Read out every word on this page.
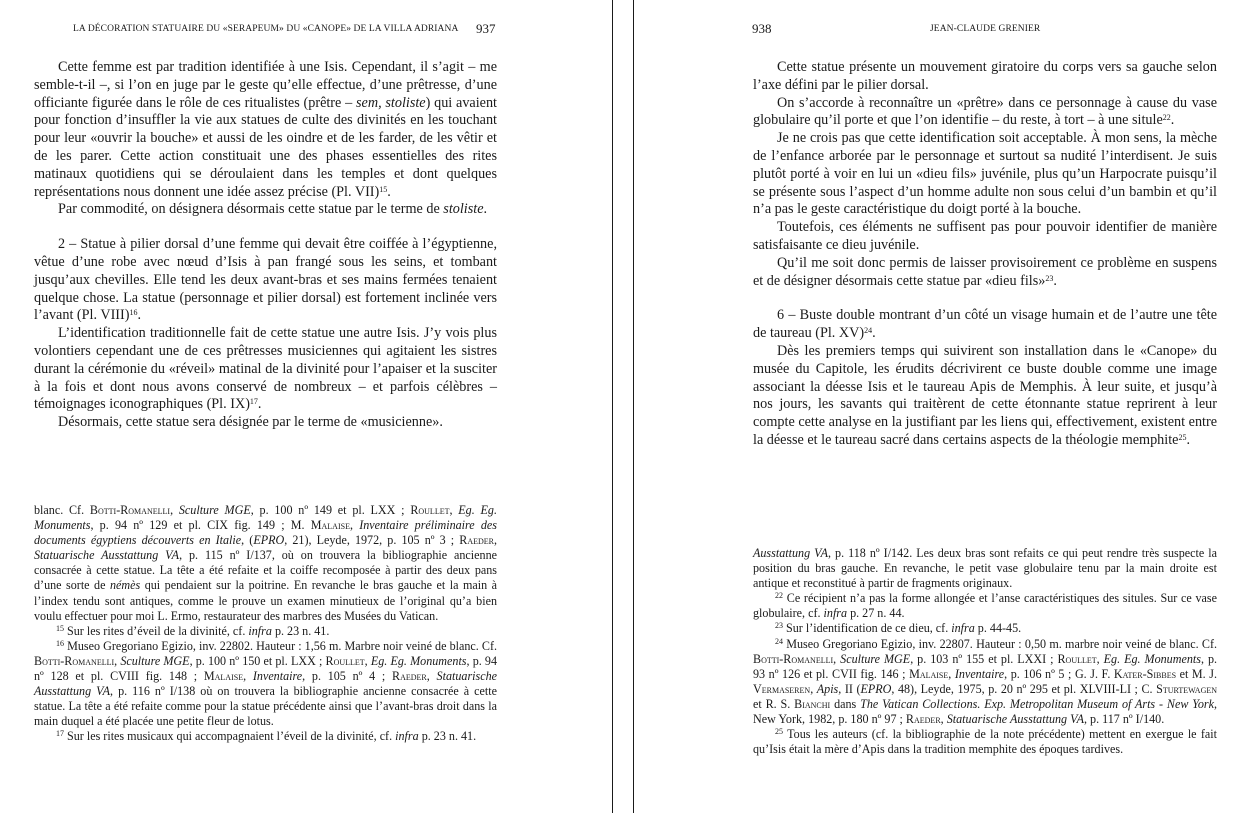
LA DÉCORATION STATUAIRE DU «SERAPEUM» DU «CANOPE» DE LA VILLA ADRIANA 937

Cette femme est par tradition identifiée à une Isis. Cependant, il s’agit – me semble-t-il –, si l’on en juge par le geste qu’elle effectue, d’une prêtresse, d’une officiante figurée dans le rôle de ces ritualistes (prêtre – sem, stoliste) qui avaient pour fonction d’insuffler la vie aux statues de culte des divinités en les touchant pour leur «ouvrir la bouche» et aussi de les oindre et de les farder, de les vêtir et de les parer. Cette action constituait une des phases essentielles des rites matinaux quotidiens qui se déroulaient dans les temples et dont quelques représentations nous donnent une idée assez précise (Pl. VII)$^{15}$.

Par commodité, on désignera désormais cette statue par le terme de stoliste.

2 – Statue à pilier dorsal d’une femme qui devait être coiffée à l’égyptienne, vêtue d’une robe avec nœud d’Isis à pan frangé sous les seins, et tombant jusqu’aux chevilles. Elle tend les deux avant-bras et ses mains fermées tenaient quelque chose. La statue (personnage et pilier dorsal) est fortement inclinée vers l’avant (Pl. VIII)$^{16}$.

L’identification traditionnelle fait de cette statue une autre Isis. J’y vois plus volontiers cependant une de ces prêtresses musiciennes qui agitaient les sistres durant la cérémonie du «réveil» matinal de la divinité pour l’apaiser et la susciter à la fois et dont nous avons conservé de nombreux – et parfois célèbres – témoignages iconographiques (Pl. IX)$^{17}$.

Désormais, cette statue sera désignée par le terme de «musicienne».

blanc. Cf. Botti-Romanelli, Sculture MGE, p. 100 nº 149 et pl. LXX ; Roullet, Eg. Eg. Monuments, p. 94 nº 129 et pl. CIX fig. 149 ; M. Malaise, Inventaire préliminaire des documents égyptiens découverts en Italie, (EPRO, 21), Leyde, 1972, p. 105 nº 3 ; Raeder, Statuarische Ausstattung VA, p. 115 nº I/137, où on trouvera la bibliographie ancienne consacrée à cette statue. La tête a été refaite et la coiffe recomposée à partir des deux pans d’une sorte de némès qui pendaient sur la poitrine. En revanche le bras gauche et la main à l’index tendu sont antiques, comme le prouve un examen minutieux de l’original qu’a bien voulu effectuer pour moi L. Ermo, restaurateur des marbres des Musées du Vatican.

$^{15}$ Sur les rites d’éveil de la divinité, cf. infra p. 23 n. 41.

$^{16}$ Museo Gregoriano Egizio, inv. 22802. Hauteur : 1,56 m. Marbre noir veiné de blanc. Cf. Botti-Romanelli, Sculture MGE, p. 100 nº 150 et pl. LXX ; Roullet, Eg. Eg. Monuments, p. 94 nº 128 et pl. CVIII fig. 148 ; Malaise, Inventaire, p. 105 nº 4 ; Raeder, Statuarische Ausstattung VA, p. 116 nº I/138 où on trouvera la bibliographie ancienne consacrée à cette statue. La tête a été refaite comme pour la statue précédente ainsi que l’avant-bras droit dans la main duquel a été placée une petite fleur de lotus.

$^{17}$ Sur les rites musicaux qui accompagnaient l’éveil de la divinité, cf. infra p. 23 n. 41.

938	JEAN-CLAUDE GRENIER

Cette statue présente un mouvement giratoire du corps vers sa gauche selon l’axe défini par le pilier dorsal.

On s’accorde à reconnaître un «prêtre» dans ce personnage à cause du vase globulaire qu’il porte et que l’on identifie – du reste, à tort – à une situle$^{22}$.

Je ne crois pas que cette identification soit acceptable. À mon sens, la mèche de l’enfance arborée par le personnage et surtout sa nudité l’interdisent. Je suis plutôt porté à voir en lui un «dieu fils» juvénile, plus qu’un Harpocrate puisqu’il se présente sous l’aspect d’un homme adulte non sous celui d’un bambin et qu’il n’a pas le geste caractéristique du doigt porté à la bouche.

Toutefois, ces éléments ne suffisent pas pour pouvoir identifier de manière satisfaisante ce dieu juvénile.

Qu’il me soit donc permis de laisser provisoirement ce problème en suspens et de désigner désormais cette statue par «dieu fils»$^{23}$.

6 – Buste double montrant d’un côté un visage humain et de l’autre une tête de taureau (Pl. XV)$^{24}$.

Dès les premiers temps qui suivirent son installation dans le «Canope» du musée du Capitole, les érudits décrivirent ce buste double comme une image associant la déesse Isis et le taureau Apis de Memphis. À leur suite, et jusqu’à nos jours, les savants qui traitèrent de cette étonnante statue reprirent à leur compte cette analyse en la justifiant par les liens qui, effectivement, existent entre la déesse et le taureau sacré dans certains aspects de la théologie memphite$^{25}$.

Ausstattung VA, p. 118 nº I/142. Les deux bras sont refaits ce qui peut rendre très suspecte la position du bras gauche. En revanche, le petit vase globulaire tenu par la main droite est antique et reconstitué à partir de fragments originaux.

$^{22}$ Ce récipient n’a pas la forme allongée et l’anse caractéristiques des situles. Sur ce vase globulaire, cf. infra p. 27 n. 44.

$^{23}$ Sur l’identification de ce dieu, cf. infra p. 44-45.

$^{24}$ Museo Gregoriano Egizio, inv. 22807. Hauteur : 0,50 m. marbre noir veiné de blanc. Cf. Botti-Romanelli, Sculture MGE, p. 103 nº 155 et pl. LXXI ; Roullet, Eg. Eg. Monuments, p. 93 nº 126 et pl. CVII fig. 146 ; Malaise, Inventaire, p. 106 nº 5 ; G. J. F. Kater-Sibbes et M. J. Vermaseren, Apis, II (EPRO, 48), Leyde, 1975, p. 20 nº 295 et pl. XLVIII-LI ; C. Sturtewagen et R. S. Bianchi dans The Vatican Collections. Exp. Metropolitan Museum of Arts - New York, New York, 1982, p. 180 nº 97 ; Raeder, Statuarische Ausstattung VA, p. 117 nº I/140.

$^{25}$ Tous les auteurs (cf. la bibliographie de la note précédente) mettent en exergue le fait qu’Isis était la mère d’Apis dans la tradition memphite des époques tardives.
